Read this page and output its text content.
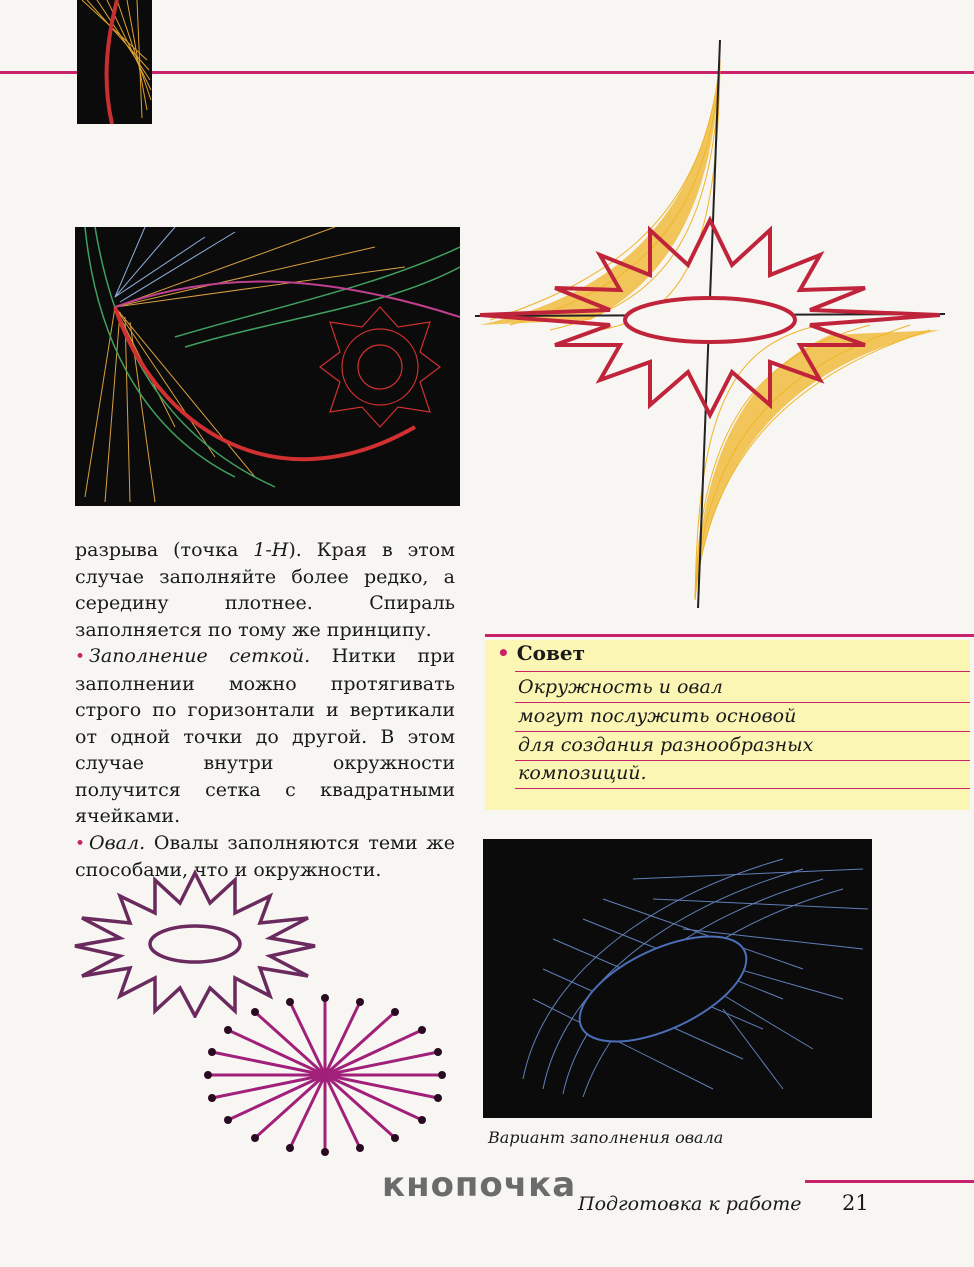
разрыва (точка 1-Н). Края в этом случае заполняйте более редко, а середину плотнее. Спираль заполняется по тому же принципу.

• Заполнение сеткой. Нитки при заполнении можно протягивать строго по горизонтали и вертикали от одной точки до другой. В этом случае внутри окружности получится сетка с квадратными ячейками.

• Овал. Овалы заполняются теми же способами, что и окружности.

• Совет
Окружность и овал
могут послужить основой
для создания разнообразных
композиций.
Вариант заполнения овала
кнопочка Подготовка к работе 21
